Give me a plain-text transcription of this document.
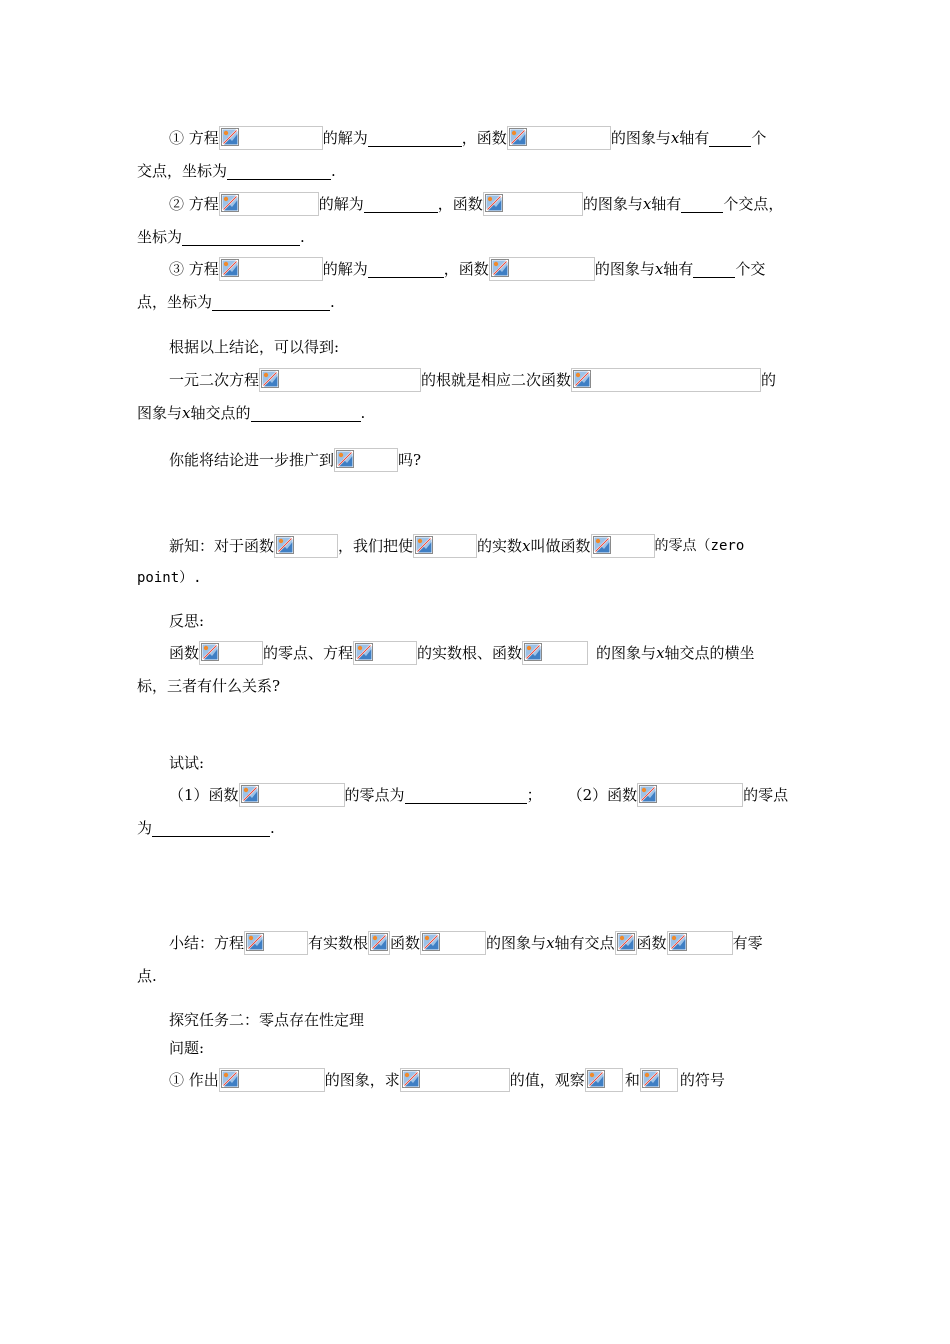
① 方程	的解为	，函数	的图象与 x 轴有	个
交点，坐标为	.
② 方程	的解为	，函数	的图象与 x 轴有	个交点，
坐标为	.
③ 方程	的解为	，函数	的图象与 x 轴有	个交
点，坐标为	.
根据以上结论，可以得到:
一元二次方程	的根就是相应二次函数	的
图象与 x 轴交点的	.
你能将结论进一步推广到	吗?
新知：对于函数	，我们把使	的实数 x 叫做函数	的零点（zero
point）.
反思:
函数	的零点、方程	的实数根、函数	的图象与 x 轴交点的横坐
标，三者有什么关系?
试试:
（1）函数	的零点为	； （2）函数	的零点
为	.
小结：方程	有实数根 函数	的图象与 x 轴有交点 函数	有零
点.
探究任务二：零点存在性定理
问题:
① 作出	的图象，求	的值，观察	和	的符号
